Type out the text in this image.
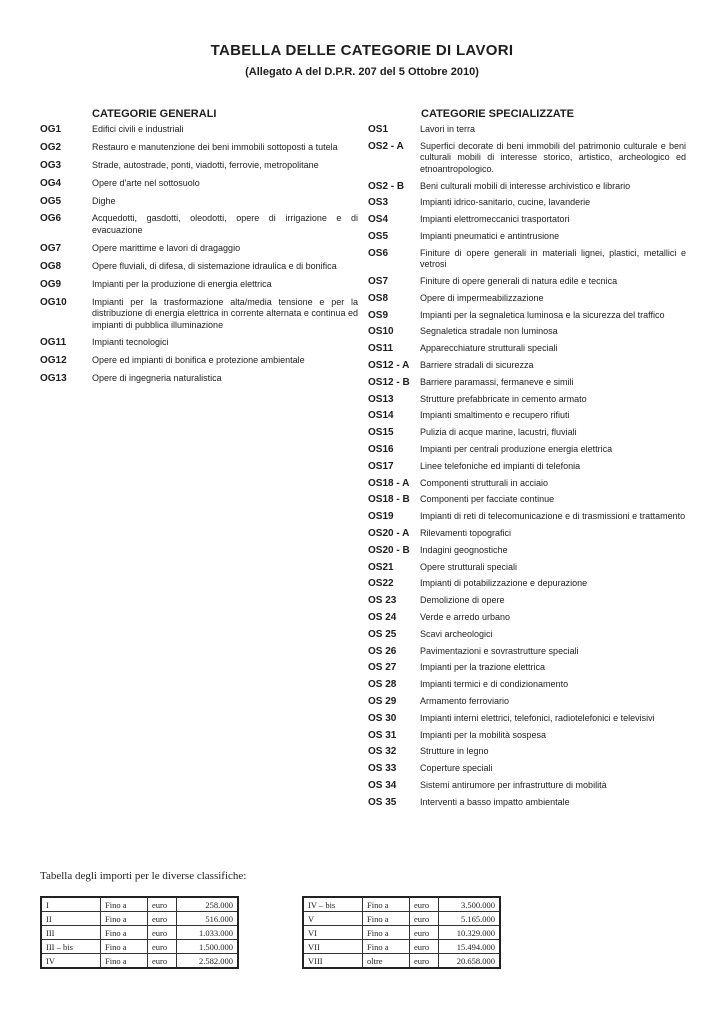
TABELLA DELLE CATEGORIE DI LAVORI
(Allegato A del D.P.R. 207 del 5 Ottobre 2010)
CATEGORIE GENERALI	CATEGORIE SPECIALIZZATE
OG1	Edifici civili e industriali
OG2	Restauro e manutenzione dei beni immobili sottoposti a tutela
OG3	Strade, autostrade, ponti, viadotti, ferrovie, metropolitane
OG4	Opere d'arte nel sottosuolo
OG5	Dighe
OG6	Acquedotti, gasdotti, oleodotti, opere di irrigazione e di evacuazione
OG7	Opere marittime e lavori di dragaggio
OG8	Opere fluviali, di difesa, di sistemazione idraulica e di bonifica
OG9	Impianti per la produzione di energia elettrica
OG10	Impianti per la trasformazione alta/media tensione e per la distribuzione di energia elettrica in corrente alternata e continua ed impianti di pubblica illuminazione
OG11	Impianti tecnologici
OG12	Opere ed impianti di bonifica e protezione ambientale
OG13	Opere di ingegneria naturalistica
OS1	Lavori in terra
OS2 - A	Superfici decorate di beni immobili del patrimonio culturale e beni culturali mobili di interesse storico, artistico, archeologico ed etnoantropologico.
OS2 - B	Beni culturali mobili di interesse archivistico e librario
OS3	Impianti idrico-sanitario, cucine, lavanderie
OS4	Impianti elettromeccanici trasportatori
OS5	Impianti pneumatici e antintrusione
OS6	Finiture di opere generali in materiali lignei, plastici, metallici e vetrosi
OS7	Finiture di opere generali di natura edile e tecnica
OS8	Opere di impermeabilizzazione
OS9	Impianti per la segnaletica luminosa e la sicurezza del traffico
OS10	Segnaletica stradale non luminosa
OS11	Apparecchiature strutturali speciali
OS12 - A	Barriere stradali di sicurezza
OS12 - B	Barriere paramassi, fermaneve e simili
OS13	Strutture prefabbricate in cemento armato
OS14	Impianti smaltimento e recupero rifiuti
OS15	Pulizia di acque marine, lacustri, fluviali
OS16	Impianti per centrali produzione energia elettrica
OS17	Linee telefoniche ed impianti di telefonia
OS18 - A	Componenti strutturali in acciaio
OS18 - B	Componenti per facciate continue
OS19	Impianti di reti di telecomunicazione e di trasmissioni e trattamento
OS20 - A	Rilevamenti topografici
OS20 - B	Indagini geognostiche
OS21	Opere strutturali speciali
OS22	Impianti di potabilizzazione e depurazione
OS 23	Demolizione di opere
OS 24	Verde e arredo urbano
OS 25	Scavi archeologici
OS 26	Pavimentazioni e sovrastrutture speciali
OS 27	Impianti per la trazione elettrica
OS 28	Impianti termici e di condizionamento
OS 29	Armamento ferroviario
OS 30	Impianti interni elettrici, telefonici, radiotelefonici e televisivi
OS 31	Impianti per la mobilità sospesa
OS 32	Strutture in legno
OS 33	Coperture speciali
OS 34	Sistemi antirumore per infrastrutture di mobilità
OS 35	Interventi a basso impatto ambientale
Tabella degli importi per le diverse classifiche:
I	Fino a	euro	258.000
II	Fino a	euro	516.000
III	Fino a	euro	1.033.000
III – bis	Fino a	euro	1.500.000
IV	Fino a	euro	2.582.000
IV – bis	Fino a	euro	3.500.000
V	Fino a	euro	5.165.000
VI	Fino a	euro	10.329.000
VII	Fino a	euro	15.494.000
VIII	oltre	euro	20.658.000
